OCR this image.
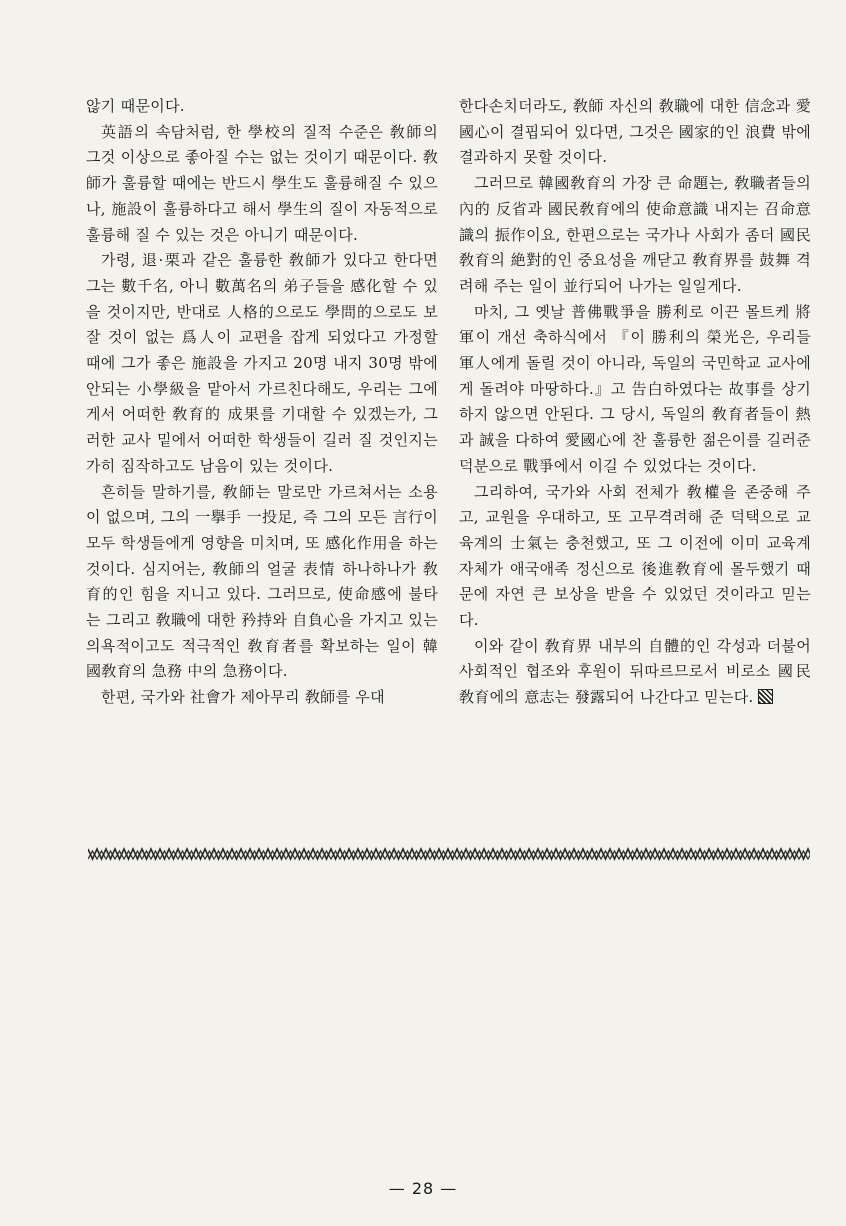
않기 때문이다.

英語의 속담처럼, 한 學校의 질적 수준은 敎師의 그것 이상으로 좋아질 수는 없는 것이기 때문이다. 敎師가 훌륭할 때에는 반드시 學生도 훌륭해질 수 있으나, 施設이 훌륭하다고 해서 學生의 질이 자동적으로 훌륭해 질 수 있는 것은 아니기 때문이다.

가령, 退·栗과 같은 훌륭한 敎師가 있다고 한다면 그는 數千名, 아니 數萬名의 弟子들을 感化할 수 있을 것이지만, 반대로 人格的으로도 學問的으로도 보잘 것이 없는 爲人이 교편을 잡게 되었다고 가정할 때에 그가 좋은 施設을 가지고 20명 내지 30명 밖에 안되는 小學級을 맡아서 가르친다해도, 우리는 그에게서 어떠한 敎育的 成果를 기대할 수 있겠는가, 그러한 교사 밑에서 어떠한 학생들이 길러 질 것인지는 가히 짐작하고도 남음이 있는 것이다.

흔히들 말하기를, 敎師는 말로만 가르쳐서는 소용이 없으며, 그의 一擧手 一投足, 즉 그의 모든 言行이 모두 학생들에게 영향을 미치며, 또 感化作用을 하는 것이다. 심지어는, 敎師의 얼굴 表情 하나하나가 敎育的인 힘을 지니고 있다. 그러므로, 使命感에 불타는 그리고 敎職에 대한 矜持와 自負心을 가지고 있는 의욕적이고도 적극적인 敎育者를 확보하는 일이 韓國敎育의 急務 中의 急務이다.

한편, 국가와 社會가 제아무리 敎師를 우대

한다손치더라도, 敎師 자신의 敎職에 대한 信念과 愛國心이 결핍되어 있다면, 그것은 國家的인 浪費 밖에 결과하지 못할 것이다.

그러므로 韓國敎育의 가장 큰 命題는, 敎職者들의 內的 反省과 國民敎育에의 使命意識 내지는 召命意識의 振作이요, 한편으로는 국가나 사회가 좀더 國民敎育의 絶對的인 중요성을 깨닫고 敎育界를 鼓舞 격려해 주는 일이 並行되어 나가는 일일게다.

마치, 그 옛날 普佛戰爭을 勝利로 이끈 몰트케 將軍이 개선 축하식에서 『이 勝利의 榮光은, 우리들 軍人에게 돌릴 것이 아니라, 독일의 국민학교 교사에게 돌려야 마땅하다.』고 告白하였다는 故事를 상기하지 않으면 안된다. 그 당시, 독일의 敎育者들이 熱과 誠을 다하여 愛國心에 찬 훌륭한 젊은이를 길러준 덕분으로 戰爭에서 이길 수 있었다는 것이다.

그리하여, 국가와 사회 전체가 敎權을 존중해 주고, 교원을 우대하고, 또 고무격려해 준 덕택으로 교육계의 士氣는 충천했고, 또 그 이전에 이미 교육계 자체가 애국애족 정신으로 後進敎育에 몰두했기 때문에 자연 큰 보상을 받을 수 있었던 것이라고 믿는다.

이와 같이 敎育界 내부의 自體的인 각성과 더불어 사회적인 협조와 후원이 뒤따르므로서 비로소 國民敎育에의 意志는 發露되어 나간다고 믿는다.

— 28 —
